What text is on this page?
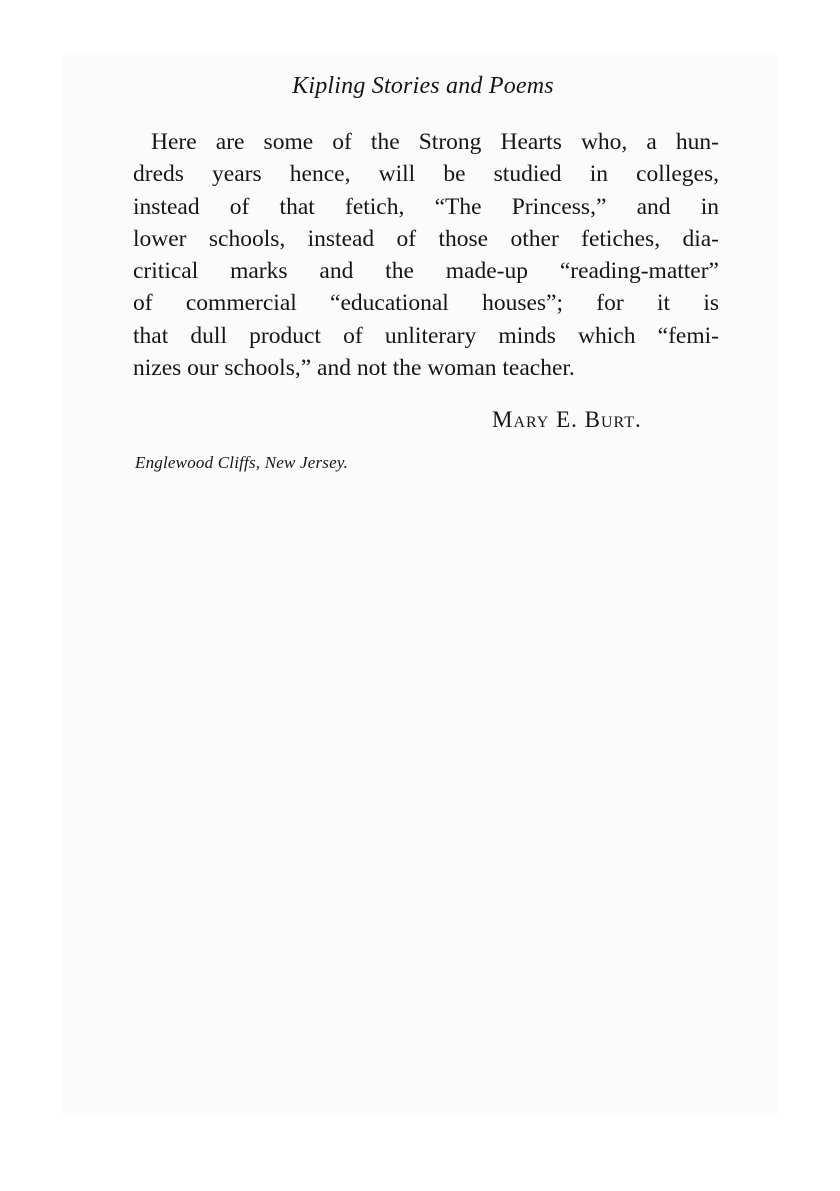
Kipling Stories and Poems
Here are some of the Strong Hearts who, a hun-
dreds years hence, will be studied in colleges,
instead of that fetich, “The Princess,” and in
lower schools, instead of those other fetiches, dia-
critical marks and the made-up “reading-matter”
of commercial “educational houses”; for it is
that dull product of unliterary minds which “femi-
nizes our schools,” and not the woman teacher.
Mary E. Burt.
Englewood Cliffs, New Jersey.
